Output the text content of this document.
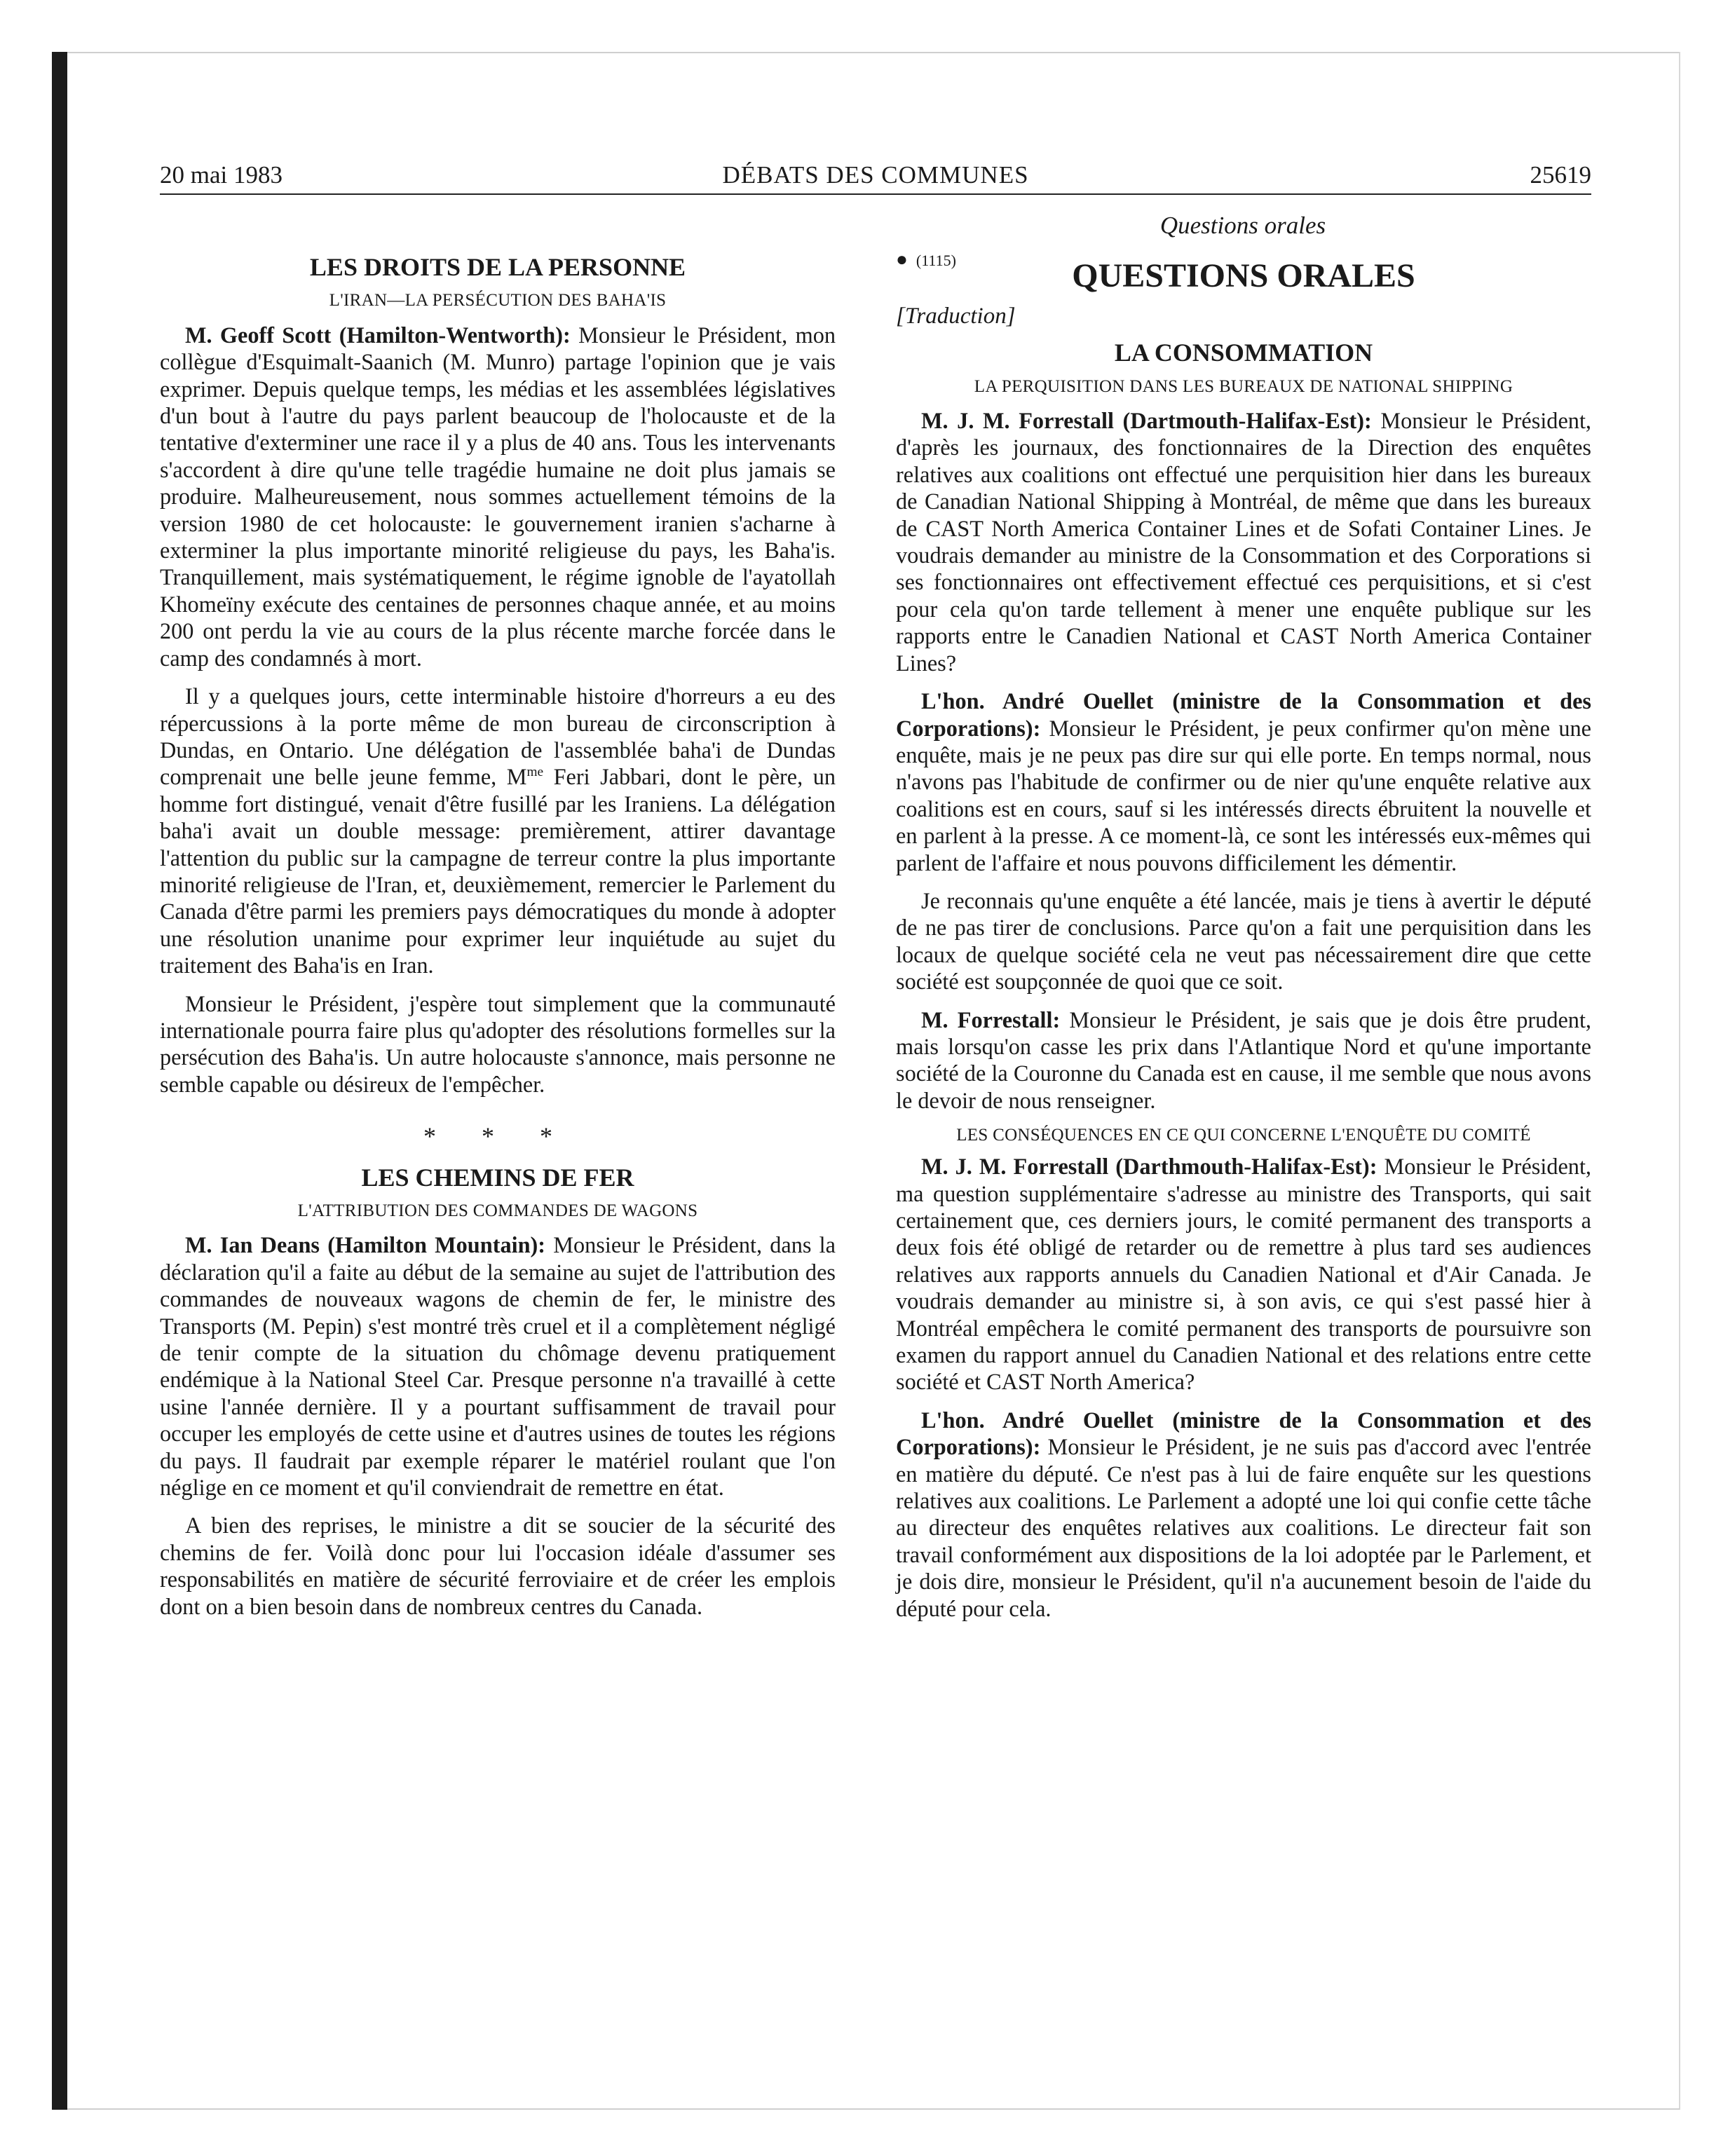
20 mai 1983	DÉBATS DES COMMUNES	25619
Questions orales
LES DROITS DE LA PERSONNE
L'IRAN—LA PERSÉCUTION DES BAHA'IS

M. Geoff Scott (Hamilton-Wentworth): Monsieur le Président, mon collègue d'Esquimalt-Saanich (M. Munro) partage l'opinion que je vais exprimer. Depuis quelque temps, les médias et les assemblées législatives d'un bout à l'autre du pays parlent beaucoup de l'holocauste et de la tentative d'exterminer une race il y a plus de 40 ans. Tous les intervenants s'accordent à dire qu'une telle tragédie humaine ne doit plus jamais se produire. Malheureusement, nous sommes actuellement témoins de la version 1980 de cet holocauste: le gouvernement iranien s'acharne à exterminer la plus importante minorité religieuse du pays, les Baha'is. Tranquillement, mais systématiquement, le régime ignoble de l'ayatollah Khomeïny exécute des centaines de personnes chaque année, et au moins 200 ont perdu la vie au cours de la plus récente marche forcée dans le camp des condamnés à mort.

Il y a quelques jours, cette interminable histoire d'horreurs a eu des répercussions à la porte même de mon bureau de circonscription à Dundas, en Ontario. Une délégation de l'assemblée baha'i de Dundas comprenait une belle jeune femme, $M^{me}$ Feri Jabbari, dont le père, un homme fort distingué, venait d'être fusillé par les Iraniens. La délégation baha'i avait un double message: premièrement, attirer davantage l'attention du public sur la campagne de terreur contre la plus importante minorité religieuse de l'Iran, et, deuxièmement, remercier le Parlement du Canada d'être parmi les premiers pays démocratiques du monde à adopter une résolution unanime pour exprimer leur inquiétude au sujet du traitement des Baha'is en Iran.

Monsieur le Président, j'espère tout simplement que la communauté internationale pourra faire plus qu'adopter des résolutions formelles sur la persécution des Baha'is. Un autre holocauste s'annonce, mais personne ne semble capable ou désireux de l'empêcher.

* * *
LES CHEMINS DE FER
L'ATTRIBUTION DES COMMANDES DE WAGONS

M. Ian Deans (Hamilton Mountain): Monsieur le Président, dans la déclaration qu'il a faite au début de la semaine au sujet de l'attribution des commandes de nouveaux wagons de chemin de fer, le ministre des Transports (M. Pepin) s'est montré très cruel et il a complètement négligé de tenir compte de la situation du chômage devenu pratiquement endémique à la National Steel Car. Presque personne n'a travaillé à cette usine l'année dernière. Il y a pourtant suffisamment de travail pour occuper les employés de cette usine et d'autres usines de toutes les régions du pays. Il faudrait par exemple réparer le matériel roulant que l'on néglige en ce moment et qu'il conviendrait de remettre en état.

A bien des reprises, le ministre a dit se soucier de la sécurité des chemins de fer. Voilà donc pour lui l'occasion idéale d'assumer ses responsabilités en matière de sécurité ferroviaire et de créer les emplois dont on a bien besoin dans de nombreux centres du Canada.

● (1115)	QUESTIONS ORALES
[Traduction]
LA CONSOMMATION
LA PERQUISITION DANS LES BUREAUX DE NATIONAL SHIPPING

M. J. M. Forrestall (Dartmouth-Halifax-Est): Monsieur le Président, d'après les journaux, des fonctionnaires de la Direction des enquêtes relatives aux coalitions ont effectué une perquisition hier dans les bureaux de Canadian National Shipping à Montréal, de même que dans les bureaux de CAST North America Container Lines et de Sofati Container Lines. Je voudrais demander au ministre de la Consommation et des Corporations si ses fonctionnaires ont effectivement effectué ces perquisitions, et si c'est pour cela qu'on tarde tellement à mener une enquête publique sur les rapports entre le Canadien National et CAST North America Container Lines?

L'hon. André Ouellet (ministre de la Consommation et des Corporations): Monsieur le Président, je peux confirmer qu'on mène une enquête, mais je ne peux pas dire sur qui elle porte. En temps normal, nous n'avons pas l'habitude de confirmer ou de nier qu'une enquête relative aux coalitions est en cours, sauf si les intéressés directs ébruitent la nouvelle et en parlent à la presse. A ce moment-là, ce sont les intéressés eux-mêmes qui parlent de l'affaire et nous pouvons difficilement les démentir.

Je reconnais qu'une enquête a été lancée, mais je tiens à avertir le député de ne pas tirer de conclusions. Parce qu'on a fait une perquisition dans les locaux de quelque société cela ne veut pas nécessairement dire que cette société est soupçonnée de quoi que ce soit.

M. Forrestall: Monsieur le Président, je sais que je dois être prudent, mais lorsqu'on casse les prix dans l'Atlantique Nord et qu'une importante société de la Couronne du Canada est en cause, il me semble que nous avons le devoir de nous renseigner.

LES CONSÉQUENCES EN CE QUI CONCERNE L'ENQUÊTE DU COMITÉ

M. J. M. Forrestall (Darthmouth-Halifax-Est): Monsieur le Président, ma question supplémentaire s'adresse au ministre des Transports, qui sait certainement que, ces derniers jours, le comité permanent des transports a deux fois été obligé de retarder ou de remettre à plus tard ses audiences relatives aux rapports annuels du Canadien National et d'Air Canada. Je voudrais demander au ministre si, à son avis, ce qui s'est passé hier à Montréal empêchera le comité permanent des transports de poursuivre son examen du rapport annuel du Canadien National et des relations entre cette société et CAST North America?

L'hon. André Ouellet (ministre de la Consommation et des Corporations): Monsieur le Président, je ne suis pas d'accord avec l'entrée en matière du député. Ce n'est pas à lui de faire enquête sur les questions relatives aux coalitions. Le Parlement a adopté une loi qui confie cette tâche au directeur des enquêtes relatives aux coalitions. Le directeur fait son travail conformément aux dispositions de la loi adoptée par le Parlement, et je dois dire, monsieur le Président, qu'il n'a aucunement besoin de l'aide du député pour cela.
